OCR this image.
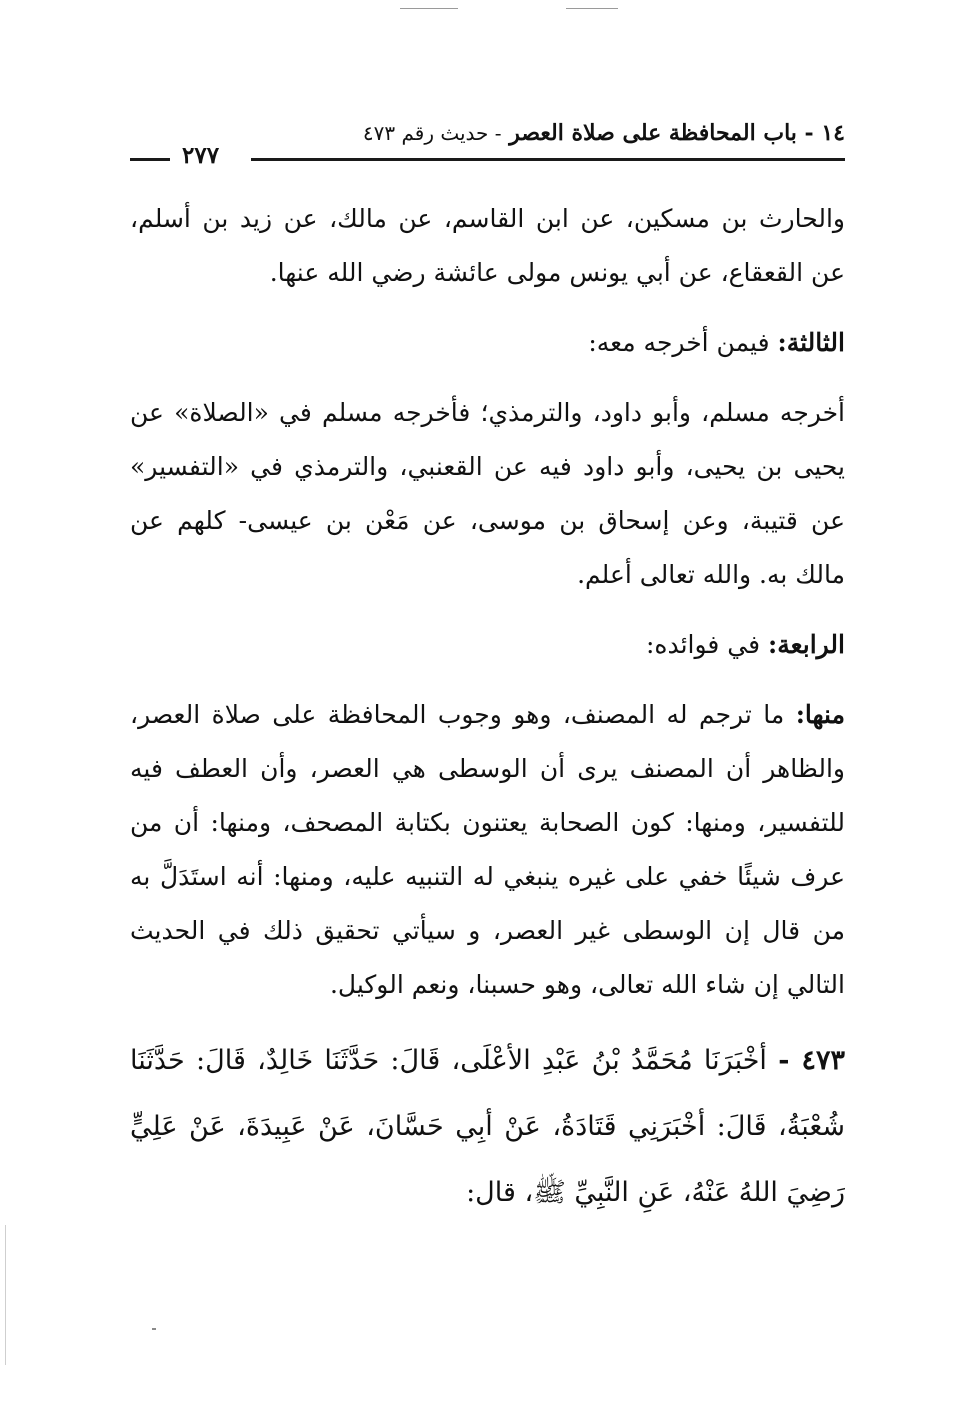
١٤ - باب المحافظة على صلاة العصر - حديث رقم ٤٧٣
٢٧٧

والحارث بن مسكين، عن ابن القاسم، عن مالك، عن زيد بن أسلم، عن القعقاع، عن أبي يونس مولى عائشة رضي الله عنها.

الثالثة: فيمن أخرجه معه:

أخرجه مسلم، وأبو داود، والترمذي؛ فأخرجه مسلم في «الصلاة» عن يحيى بن يحيى، وأبو داود فيه عن القعنبي، والترمذي في «التفسير» عن قتيبة، وعن إسحاق بن موسى، عن مَعْن بن عيسى- كلهم عن مالك به. والله تعالى أعلم.

الرابعة: في فوائده:

منها: ما ترجم له المصنف، وهو وجوب المحافظة على صلاة العصر، والظاهر أن المصنف يرى أن الوسطى هي العصر، وأن العطف فيه للتفسير، ومنها: كون الصحابة يعتنون بكتابة المصحف، ومنها: أن من عرف شيئًا خفي على غيره ينبغي له التنبيه عليه، ومنها: أنه استَدَلَّ به من قال إن الوسطى غير العصر، و سيأتي تحقيق ذلك في الحديث التالي إن شاء الله تعالى، وهو حسبنا، ونعم الوكيل.

٤٧٣ - أخْبَرَنَا مُحَمَّدُ بْنُ عَبْدِ الأعْلَى، قَالَ: حَدَّثَنَا خَالِدٌ، قَالَ: حَدَّثَنَا شُعْبَةُ، قَالَ: أخْبَرَنِي قَتَادَةُ، عَنْ أبِي حَسَّانَ، عَنْ عَبِيدَةَ، عَنْ عَلِيٍّ رَضِيَ اللهُ عَنْهُ، عَنِ النَّبِيِّ ﷺ، قال:
